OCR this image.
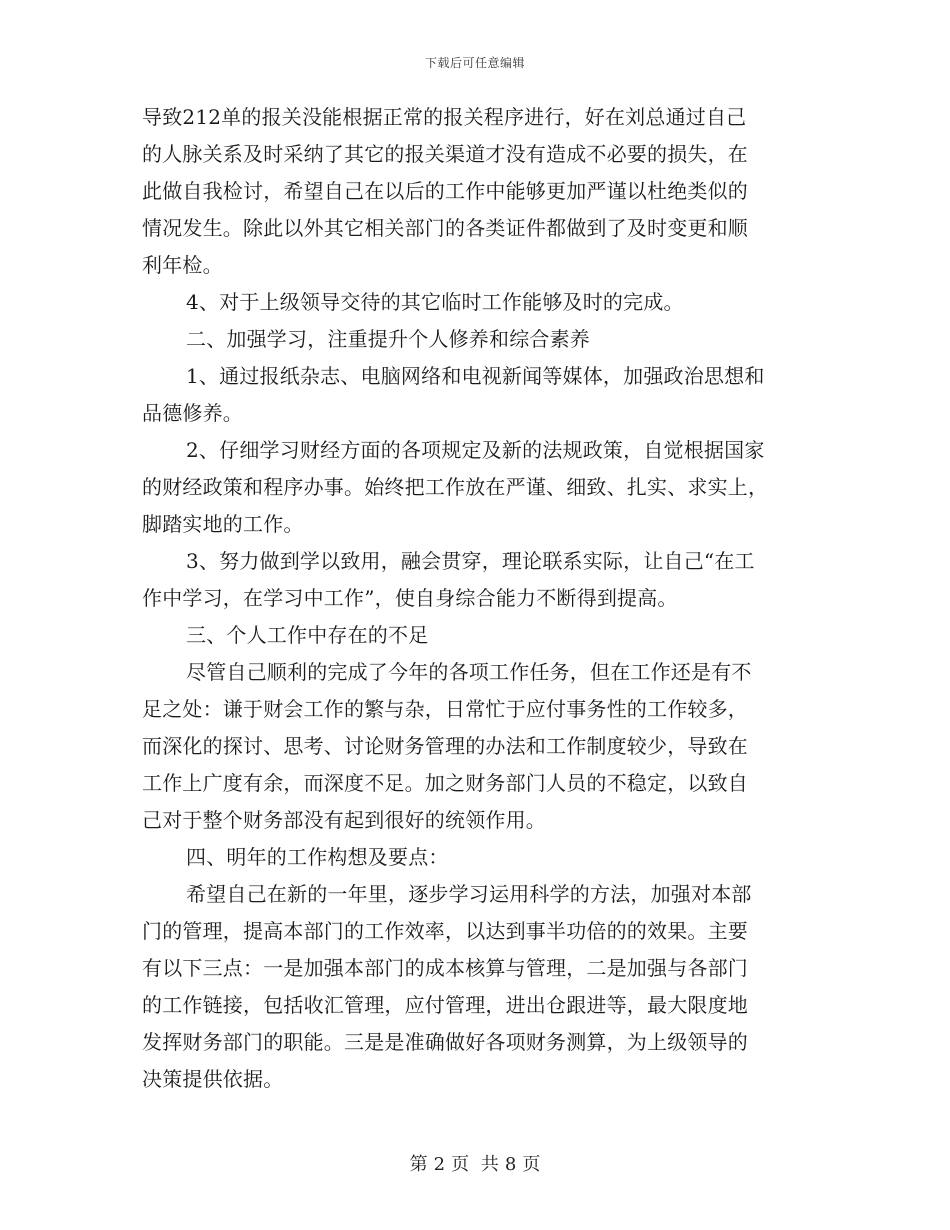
下载后可任意编辑
导致212单的报关没能根据正常的报关程序进行，好在刘总通过自己
的人脉关系及时采纳了其它的报关渠道才没有造成不必要的损失，在
此做自我检讨，希望自己在以后的工作中能够更加严谨以杜绝类似的
情况发生。除此以外其它相关部门的各类证件都做到了及时变更和顺
利年检。
4、对于上级领导交待的其它临时工作能够及时的完成。
二、加强学习，注重提升个人修养和综合素养
1、通过报纸杂志、电脑网络和电视新闻等媒体，加强政治思想和
品德修养。
2、仔细学习财经方面的各项规定及新的法规政策，自觉根据国家
的财经政策和程序办事。始终把工作放在严谨、细致、扎实、求实上，
脚踏实地的工作。
3、努力做到学以致用，融会贯穿，理论联系实际，让自己“在工
作中学习，在学习中工作”，使自身综合能力不断得到提高。
三、个人工作中存在的不足
尽管自己顺利的完成了今年的各项工作任务，但在工作还是有不
足之处：谦于财会工作的繁与杂，日常忙于应付事务性的工作较多，
而深化的探讨、思考、讨论财务管理的办法和工作制度较少，导致在
工作上广度有余，而深度不足。加之财务部门人员的不稳定，以致自
己对于整个财务部没有起到很好的统领作用。
四、明年的工作构想及要点：
希望自己在新的一年里，逐步学习运用科学的方法，加强对本部
门的管理，提高本部门的工作效率，以达到事半功倍的的效果。主要
有以下三点：一是加强本部门的成本核算与管理，二是加强与各部门
的工作链接，包括收汇管理，应付管理，进出仓跟进等，最大限度地
发挥财务部门的职能。三是是准确做好各项财务测算，为上级领导的
决策提供依据。
第 2 页 共 8 页
